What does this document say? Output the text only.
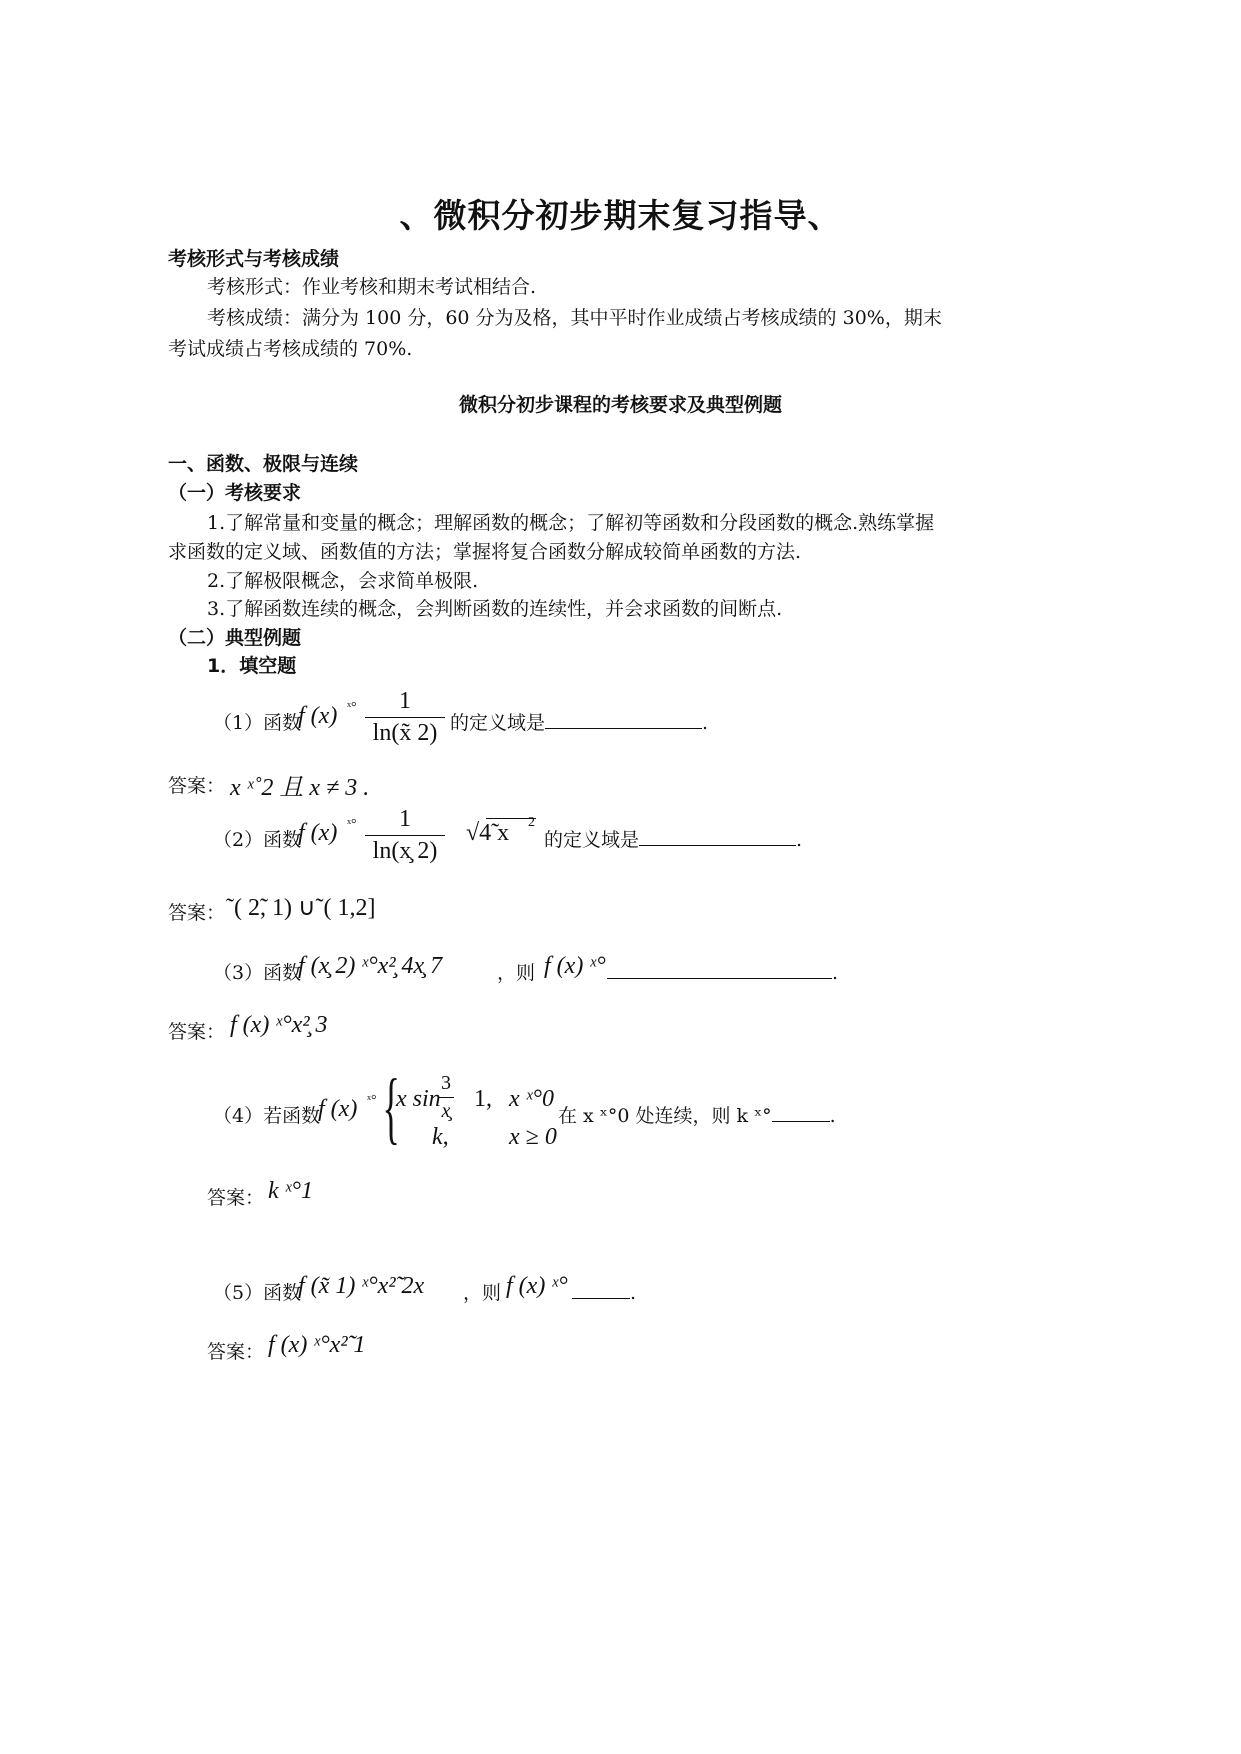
、微积分初步期末复习指导、
考核形式与考核成绩
考核形式：作业考核和期末考试相结合.
考核成绩：满分为 100 分，60 分为及格，其中平时作业成绩占考核成绩的 30%，期末
考试成绩占考核成绩的 70%.
微积分初步课程的考核要求及典型例题
一、函数、极限与连续
（一）考核要求
1.了解常量和变量的概念；理解函数的概念；了解初等函数和分段函数的概念.熟练掌握
求函数的定义域、函数值的方法；掌握将复合函数分解成较简单函数的方法.
2.了解极限概念，会求简单极限.
3.了解函数连续的概念，会判断函数的连续性，并会求函数的间断点.
（二）典型例题
1．填空题
（1）函数
f (x) ˣ°	1
ln(x̃ 2) 的定义域是	.
答案： x ˣ˚2 且 x ≠ 3 .
（2）函数
f (x) ˣ°	1
ln(x̧ 2)
√4̃ x 2
的定义域是	.
答案： ˜( 2̃, 1) ∪˜( 1,2]
（3）函数
f (x̧ 2) ˣ°x²̧ 4x̧ 7	，则 f (x) ˣ°	.
答案： f (x) ˣ°x²̧ 3
（4）若函数
f (x) ˣ° {
x sin
3
x̧ 1, x ˣ°0
k,	x ≥ 0
在 x ˣ°0 处连续，则 k ˣ°	.
答案： k ˣ°1
（5）函数
f (x̃ 1) ˣ°x²̃ 2x ，则 f (x) ˣ°	.
答案： f (x) ˣ°x²̃ 1
